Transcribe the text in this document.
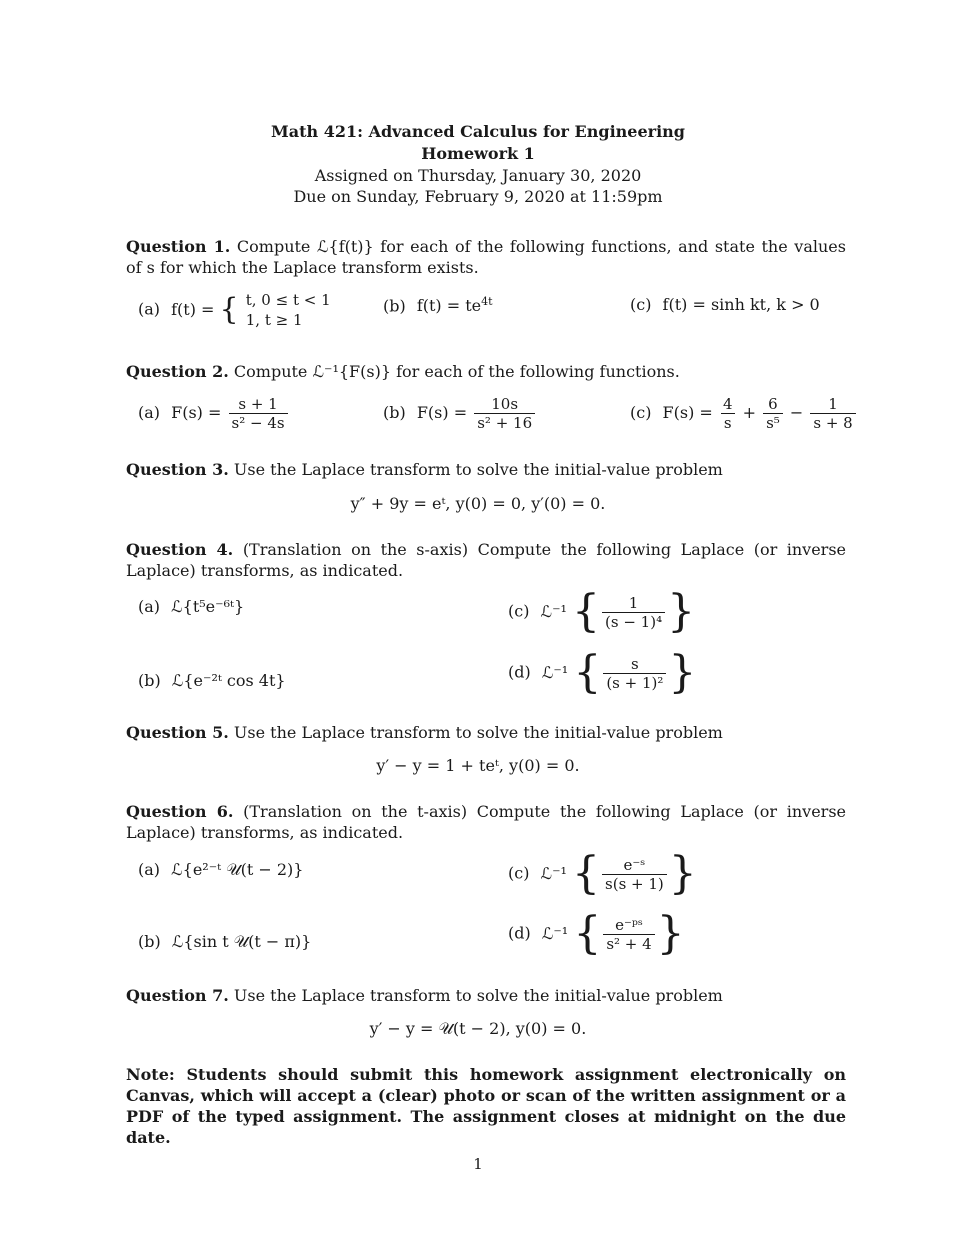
Math 421: Advanced Calculus for Engineering
Homework 1
Assigned on Thursday, January 30, 2020
Due on Sunday, February 9, 2020 at 11:59pm
Question 1. Compute ℒ{f(t)} for each of the following functions, and state the values of s for which the Laplace transform exists.
(a) f(t) = { t, 0 ≤ t < 1
1, t ≥ 1
(b) $f(t) = te^{4t}$	(c) f(t) = sinh kt, k > 0
Question 2. Compute ℒ⁻¹{F(s)} for each of the following functions.
(a) $F(s) = \frac{s + 1}{\text{s² − 4s}}$	(b) $F(s) = \frac{10s}{\text{s² + 16}}$	(c) $F(s) = \frac{4}{s} + \frac{6}{\text{s⁵}} - \frac{1}{s + 8}$
Question 3. Use the Laplace transform to solve the initial-value problem
y″ + 9y = eᵗ, y(0) = 0, y′(0) = 0.
Question 4. (Translation on the s-axis) Compute the following Laplace (or inverse Laplace) transforms, as indicated.
(a) ℒ{t⁵e⁻⁶ᵗ}
(b) ℒ{e⁻²ᵗ cos 4t}
(c) ℒ⁻¹ { $\frac{1}{\text{(s − 1)⁴}}$ }
(d) ℒ⁻¹ { $\frac{s}{\text{(s + 1)²}}$ }
Question 5. Use the Laplace transform to solve the initial-value problem
y′ − y = 1 + teᵗ, y(0) = 0.
Question 6. (Translation on the t-axis) Compute the following Laplace (or inverse Laplace) transforms, as indicated.
(a) ℒ{e²⁻ᵗ 𝒰(t − 2)}
(b) ℒ{sin t 𝒰(t − π)}
(c) ℒ⁻¹ { $\frac{\text{e⁻ˢ}}{s(s + 1)}$ }
(d) ℒ⁻¹ { $\frac{\text{e⁻ᵖˢ}}{\text{s² + 4}}$ }
Question 7. Use the Laplace transform to solve the initial-value problem
y′ − y = 𝒰(t − 2), y(0) = 0.
Note: Students should submit this homework assignment electronically on Canvas, which will accept a (clear) photo or scan of the written assignment or a PDF of the typed assignment. The assignment closes at midnight on the due date.
1
